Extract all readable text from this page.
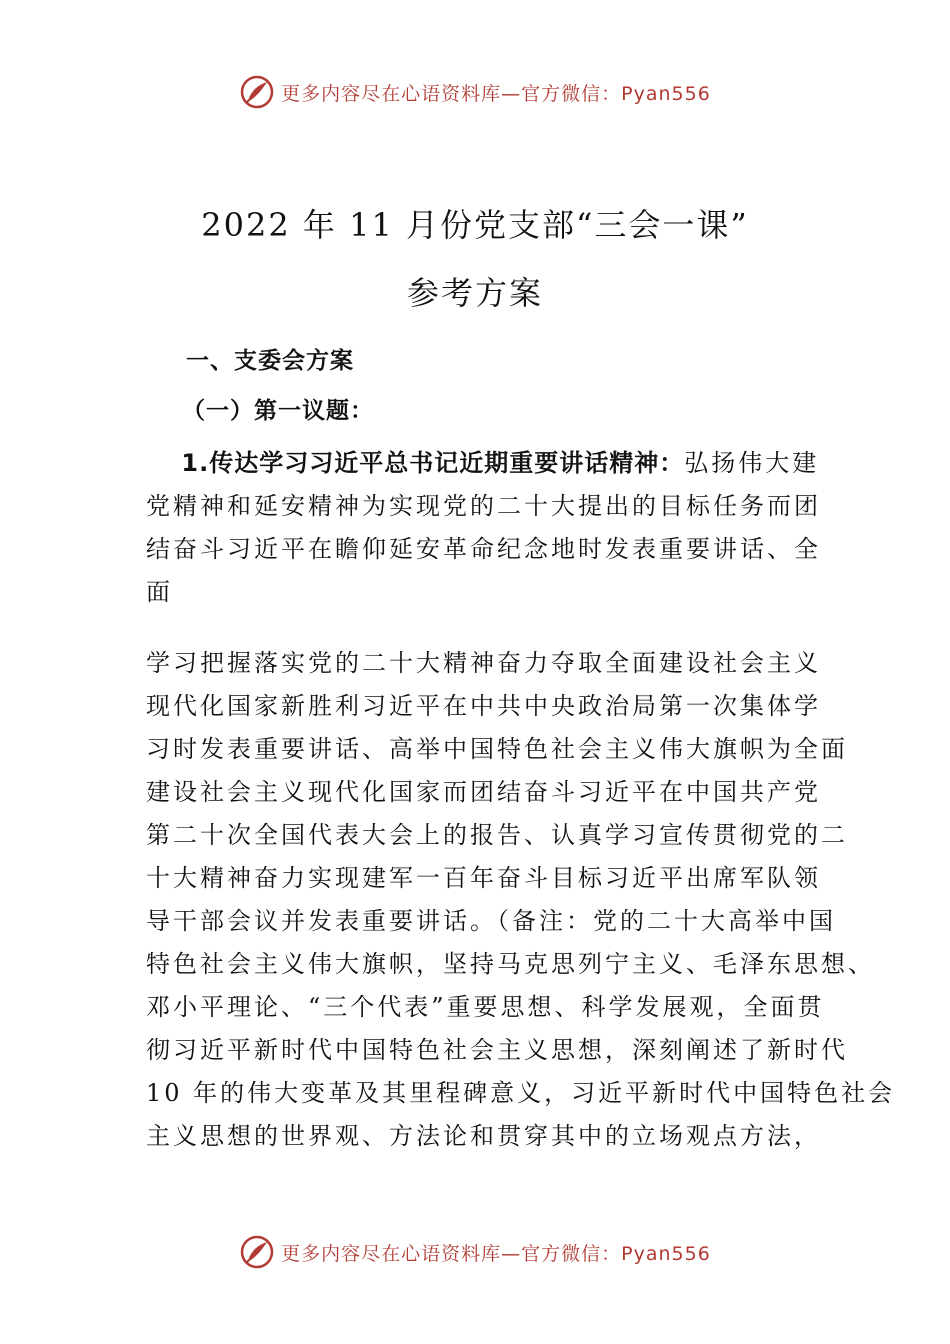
更多内容尽在心语资料库—官方微信：Pyan556
2022 年 11 月份党支部“三会一课”
参考方案
一、支委会方案
（一）第一议题：
   1.传达学习习近平总书记近期重要讲话精神：弘扬伟大建
党精神和延安精神为实现党的二十大提出的目标任务而团
结奋斗习近平在瞻仰延安革命纪念地时发表重要讲话、全
面
学习把握落实党的二十大精神奋力夺取全面建设社会主义
现代化国家新胜利习近平在中共中央政治局第一次集体学
习时发表重要讲话、高举中国特色社会主义伟大旗帜为全面
建设社会主义现代化国家而团结奋斗习近平在中国共产党
第二十次全国代表大会上的报告、认真学习宣传贯彻党的二
十大精神奋力实现建军一百年奋斗目标习近平出席军队领
导干部会议并发表重要讲话。（备注：党的二十大高举中国
特色社会主义伟大旗帜，坚持马克思列宁主义、毛泽东思想、
邓小平理论、“三个代表”重要思想、科学发展观，全面贯
彻习近平新时代中国特色社会主义思想，深刻阐述了新时代
10 年的伟大变革及其里程碑意义，习近平新时代中国特色社会
主义思想的世界观、方法论和贯穿其中的立场观点方法，
更多内容尽在心语资料库—官方微信：Pyan556
